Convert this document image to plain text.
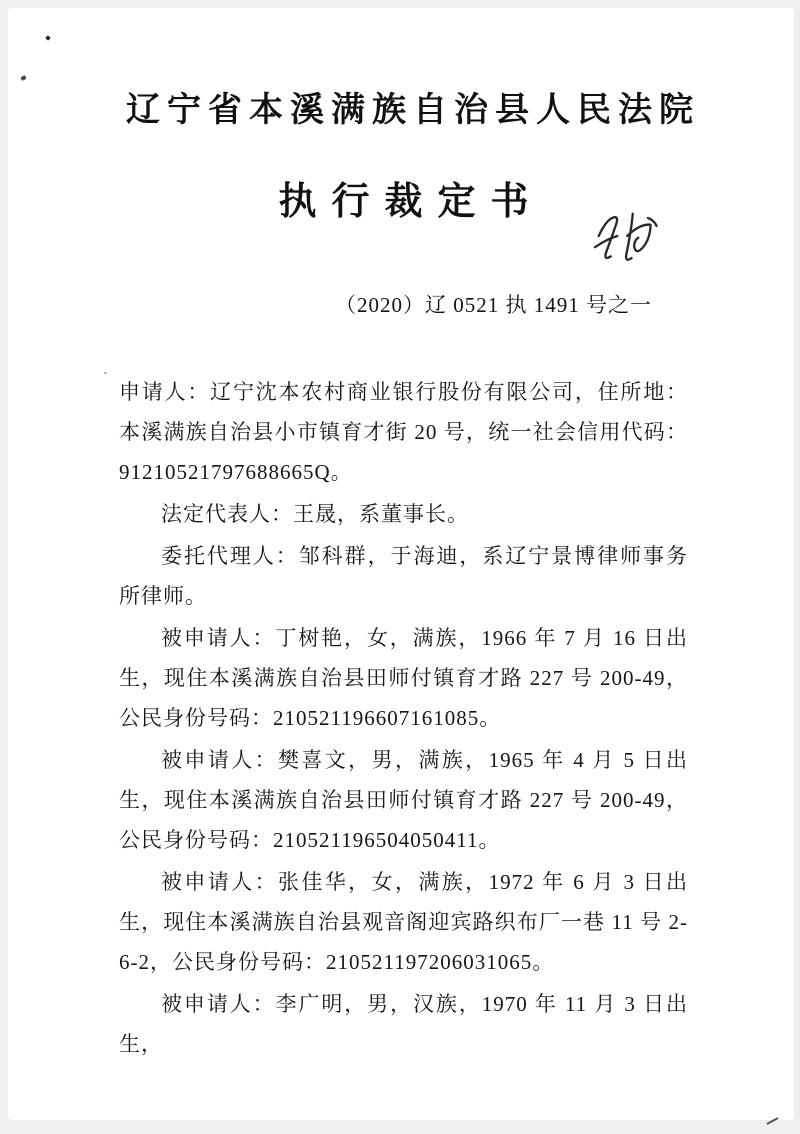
辽宁省本溪满族自治县人民法院
执行裁定书
（2020）辽 0521 执 1491 号之一

申请人：辽宁沈本农村商业银行股份有限公司，住所地：本溪满族自治县小市镇育才街 20 号，统一社会信用代码：91210521797688665Q。

法定代表人：王晟，系董事长。

委托代理人：邹科群，于海迪，系辽宁景博律师事务所律师。

被申请人：丁树艳，女，满族，1966 年 7 月 16 日出生，现住本溪满族自治县田师付镇育才路 227 号 200-49，公民身份号码：210521196607161085。

被申请人：樊喜文，男，满族，1965 年 4 月 5 日出生，现住本溪满族自治县田师付镇育才路 227 号 200-49，公民身份号码：210521196504050411。

被申请人：张佳华，女，满族，1972 年 6 月 3 日出生，现住本溪满族自治县观音阁迎宾路织布厂一巷 11 号 2-6-2，公民身份号码：210521197206031065。

被申请人：李广明，男，汉族，1970 年 11 月 3 日出生，
